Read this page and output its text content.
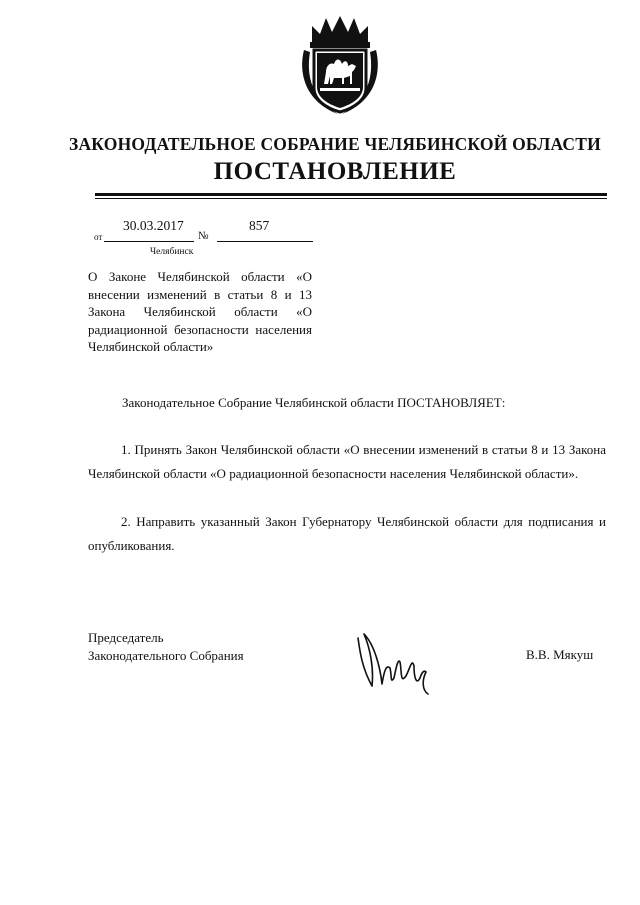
ЗАКОНОДАТЕЛЬНОЕ СОБРАНИЕ ЧЕЛЯБИНСКОЙ ОБЛАСТИ
ПОСТАНОВЛЕНИЕ
30.03.2017	857
от	№
Челябинск
О Законе Челябинской области «О внесении изменений в статьи 8 и 13 Закона Челябинской области «О радиационной безопасности населения Челябинской области»
Законодательное Собрание Челябинской области ПОСТАНОВЛЯЕТ:
1. Принять Закон Челябинской области «О внесении изменений в статьи 8 и 13 Закона Челябинской области «О радиационной безопасности населения Челябинской области».
2. Направить указанный Закон Губернатору Челябинской области для подписания и опубликования.
Председатель
Законодательного Собрания	В.В. Мякуш
